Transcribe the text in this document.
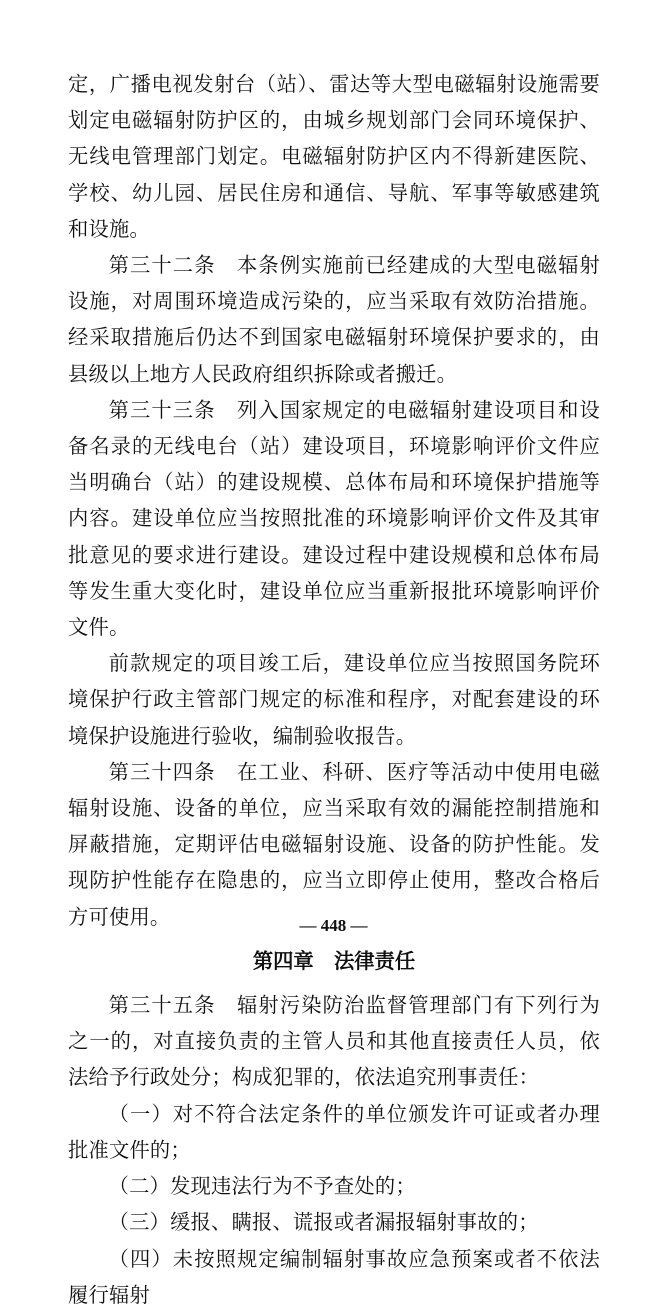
定，广播电视发射台（站）、雷达等大型电磁辐射设施需要划定电磁辐射防护区的，由城乡规划部门会同环境保护、无线电管理部门划定。电磁辐射防护区内不得新建医院、学校、幼儿园、居民住房和通信、导航、军事等敏感建筑和设施。

第三十二条　本条例实施前已经建成的大型电磁辐射设施，对周围环境造成污染的，应当采取有效防治措施。经采取措施后仍达不到国家电磁辐射环境保护要求的，由县级以上地方人民政府组织拆除或者搬迁。

第三十三条　列入国家规定的电磁辐射建设项目和设备名录的无线电台（站）建设项目，环境影响评价文件应当明确台（站）的建设规模、总体布局和环境保护措施等内容。建设单位应当按照批准的环境影响评价文件及其审批意见的要求进行建设。建设过程中建设规模和总体布局等发生重大变化时，建设单位应当重新报批环境影响评价文件。

前款规定的项目竣工后，建设单位应当按照国务院环境保护行政主管部门规定的标准和程序，对配套建设的环境保护设施进行验收，编制验收报告。

第三十四条　在工业、科研、医疗等活动中使用电磁辐射设施、设备的单位，应当采取有效的漏能控制措施和屏蔽措施，定期评估电磁辐射设施、设备的防护性能。发现防护性能存在隐患的，应当立即停止使用，整改合格后方可使用。

第四章　法律责任

第三十五条　辐射污染防治监督管理部门有下列行为之一的，对直接负责的主管人员和其他直接责任人员，依法给予行政处分；构成犯罪的，依法追究刑事责任：

（一）对不符合法定条件的单位颁发许可证或者办理批准文件的；

（二）发现违法行为不予查处的；

（三）缓报、瞒报、谎报或者漏报辐射事故的；

（四）未按照规定编制辐射事故应急预案或者不依法履行辐射

— 448 —
